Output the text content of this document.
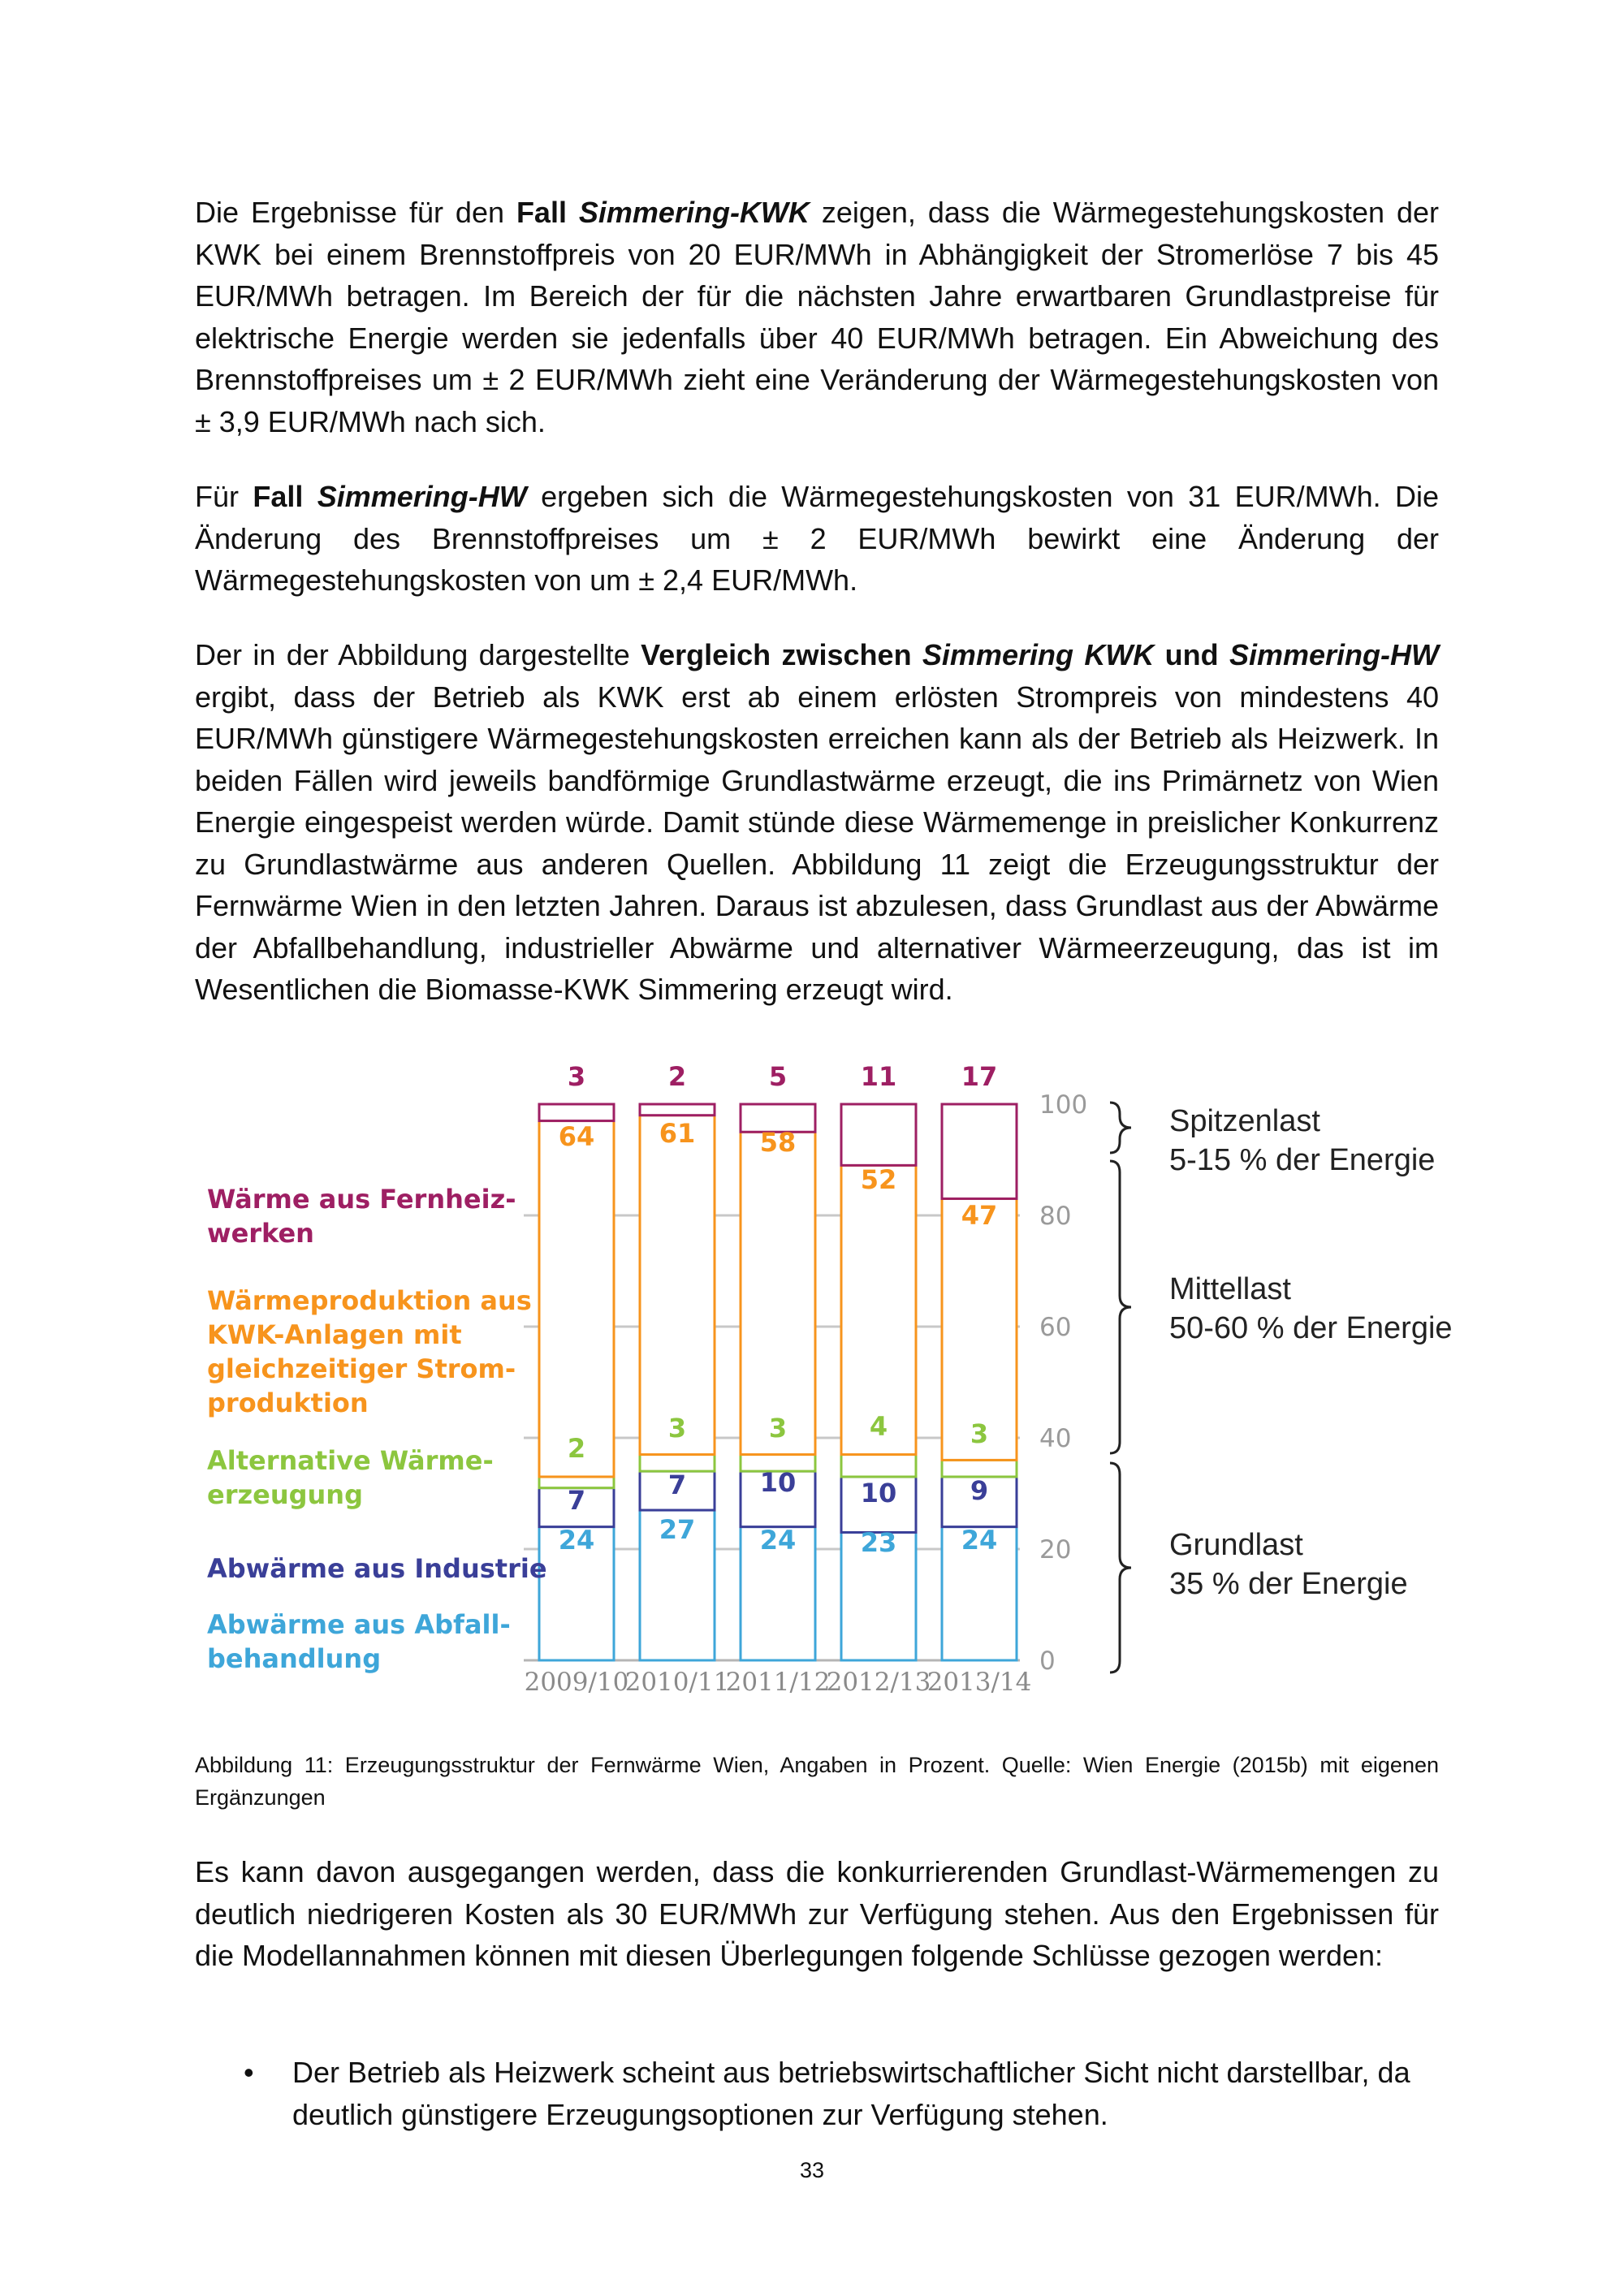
Die Ergebnisse für den Fall Simmering-KWK zeigen, dass die Wärmegestehungskosten der KWK bei einem Brennstoffpreis von 20 EUR/MWh in Abhängigkeit der Stromerlöse 7 bis 45 EUR/MWh betragen. Im Bereich der für die nächsten Jahre erwartbaren Grundlastpreise für elektrische Energie werden sie jedenfalls über 40 EUR/MWh betragen. Ein Abweichung des Brennstoffpreises um ± 2 EUR/MWh zieht eine Veränderung der Wärmegestehungskosten von ± 3,9 EUR/MWh nach sich.

Für Fall Simmering-HW ergeben sich die Wärmegestehungskosten von 31 EUR/MWh. Die Änderung des Brennstoffpreises um ± 2 EUR/MWh bewirkt eine Änderung der Wärmegestehungskosten von um ± 2,4 EUR/MWh.

Der in der Abbildung dargestellte Vergleich zwischen Simmering KWK und Simmering-HW ergibt, dass der Betrieb als KWK erst ab einem erlösten Strompreis von mindestens 40 EUR/MWh günstigere Wärmegestehungskosten erreichen kann als der Betrieb als Heizwerk. In beiden Fällen wird jeweils bandförmige Grundlastwärme erzeugt, die ins Primärnetz von Wien Energie eingespeist werden würde. Damit stünde diese Wärmemenge in preislicher Konkurrenz zu Grundlastwärme aus anderen Quellen. Abbildung 11 zeigt die Erzeugungsstruktur der Fernwärme Wien in den letzten Jahren. Daraus ist abzulesen, dass Grundlast aus der Abwärme der Abfallbehandlung, industrieller Abwärme und alternativer Wärmeerzeugung, das ist im Wesentlichen die Biomasse-KWK Simmering erzeugt wird.

24 27 24 23 24
7	7	10 10	9
2
3	3	4	3
64 61 58
52
47
3	2	5	11 17
0
20
40
60
80
100
2009/10
2010/11
2011/12
2012/13
2013/14
Wärme aus Fernheiz-
werken
Wärmeproduktion aus
KWK-Anlagen mit
gleichzeitiger Strom-
produktion
Alternative Wärme-
erzeugung
Abwärme aus Industrie
Abwärme aus Abfall-
behandlung
Spitzenlast
5-15 % der Energie
Mittellast
50-60 % der Energie
Grundlast
35 % der Energie

Abbildung 11: Erzeugungsstruktur der Fernwärme Wien, Angaben in Prozent. Quelle: Wien Energie (2015b) mit eigenen Ergänzungen

Es kann davon ausgegangen werden, dass die konkurrierenden Grundlast-Wärmemengen zu deutlich niedrigeren Kosten als 30 EUR/MWh zur Verfügung stehen. Aus den Ergebnissen für die Modellannahmen können mit diesen Überlegungen folgende Schlüsse gezogen werden:

• Der Betrieb als Heizwerk scheint aus betriebswirtschaftlicher Sicht nicht darstellbar, da deutlich günstigere Erzeugungsoptionen zur Verfügung stehen.
33
